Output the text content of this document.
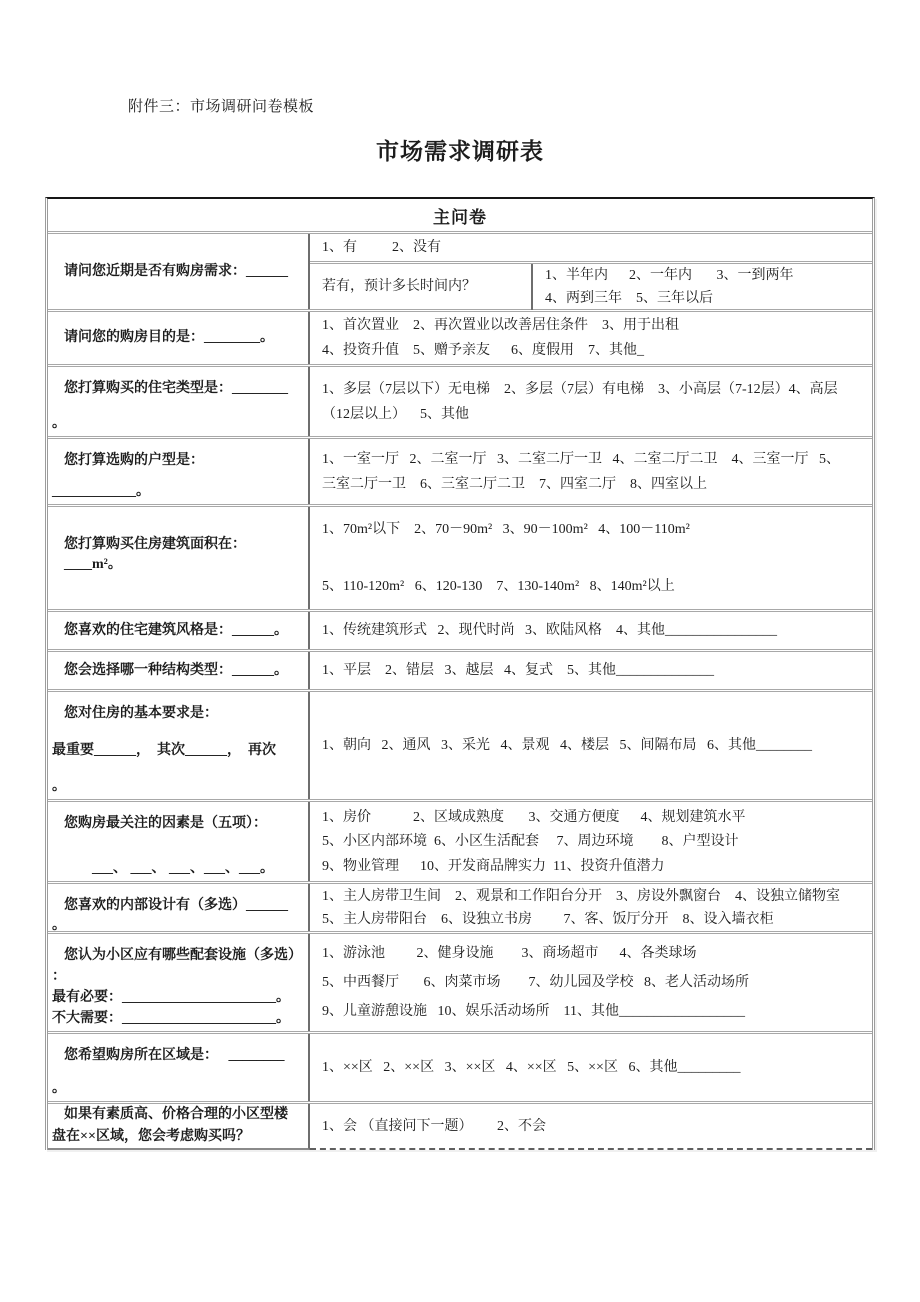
附件三：市场调研问卷模板
市场需求调研表
主问卷
请问您近期是否有购房需求：______
1、有          2、没有
若有，预计多长时间内？
1、半年内      2、一年内       3、一到两年
4、两到三年    5、三年以后
请问您的购房目的是：________。
1、首次置业    2、再次置业以改善居住条件    3、用于出租
4、投资升值    5、赠予亲友      6、度假用    7、其他_
您打算购买的住宅类型是：________
。
1、多层（7层以下）无电梯    2、多层（7层）有电梯    3、小高层（7-12层）4、高层
（12层以上）    5、其他
您打算选购的户型是：
____________。
1、一室一厅   2、二室一厅   3、二室二厅一卫   4、二室二厅二卫    4、三室一厅   5、
三室二厅一卫    6、三室二厅二卫    7、四室二厅    8、四室以上
您打算购买住房建筑面积在：____m²。
1、70m²以下    2、70－90m²   3、90－100m²   4、100－110m²
5、110-120m²   6、120-130    7、130-140m²   8、140m²以上
您喜欢的住宅建筑风格是：______。	1、传统建筑形式   2、现代时尚   3、欧陆风格    4、其他________________
您会选择哪一种结构类型：______。	1、平层    2、错层   3、越层   4、复式    5、其他______________
您对住房的基本要求是：
最重要______，  其次______，  再次
。
1、朝向   2、通风   3、采光   4、景观   4、楼层   5、间隔布局   6、其他________
您购房最关注的因素是（五项）：
___、 ___、 ___、___、___。
1、房价            2、区域成熟度       3、交通方便度      4、规划建筑水平
5、小区内部环境  6、小区生活配套     7、周边环境        8、户型设计
9、物业管理      10、开发商品牌实力  11、投资升值潜力
您喜欢的内部设计有（多选）______
。
1、主人房带卫生间    2、观景和工作阳台分开    3、房设外飘窗台    4、设独立储物室
5、主人房带阳台    6、设独立书房         7、客、饭厅分开    8、设入墙衣柜
您认为小区应有哪些配套设施（多选）
：
最有必要：______________________。
不大需要：______________________。
1、游泳池         2、健身设施        3、商场超市      4、各类球场
5、中西餐厅       6、肉菜市场        7、幼儿园及学校   8、老人活动场所
9、儿童游憩设施   10、娱乐活动场所    11、其他__________________
您希望购房所在区域是：   ________
。
1、××区   2、××区   3、××区   4、××区   5、××区   6、其他_________
如果有素质高、价格合理的小区型楼
盘在××区域，您会考虑购买吗？
1、会 （直接问下一题）       2、不会
